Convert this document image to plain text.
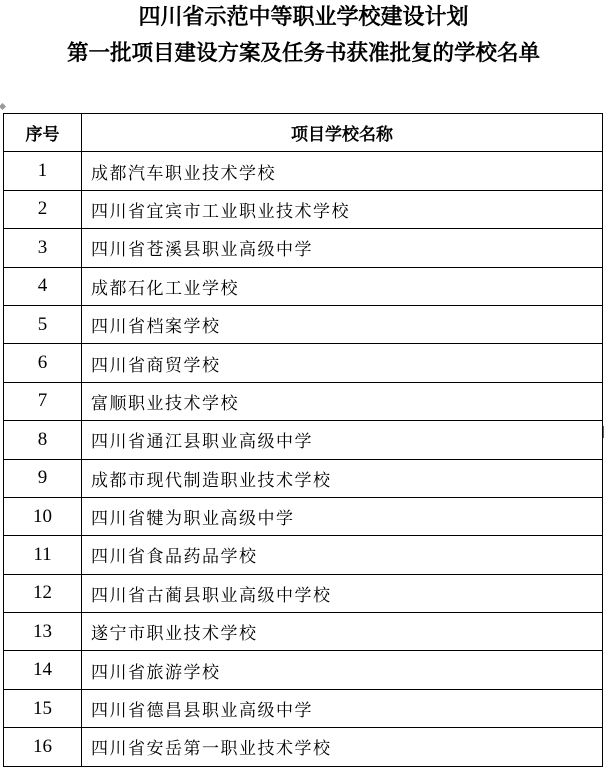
四川省示范中等职业学校建设计划
第一批项目建设方案及任务书获准批复的学校名单
序号	项目学校名称
1	成都汽车职业技术学校
2	四川省宜宾市工业职业技术学校
3	四川省苍溪县职业高级中学
4	成都石化工业学校
5	四川省档案学校
6	四川省商贸学校
7	富顺职业技术学校
8	四川省通江县职业高级中学
9	成都市现代制造职业技术学校
10	四川省犍为职业高级中学
11	四川省食品药品学校
12	四川省古蔺县职业高级中学校
13	遂宁市职业技术学校
14	四川省旅游学校
15	四川省德昌县职业高级中学
16	四川省安岳第一职业技术学校
